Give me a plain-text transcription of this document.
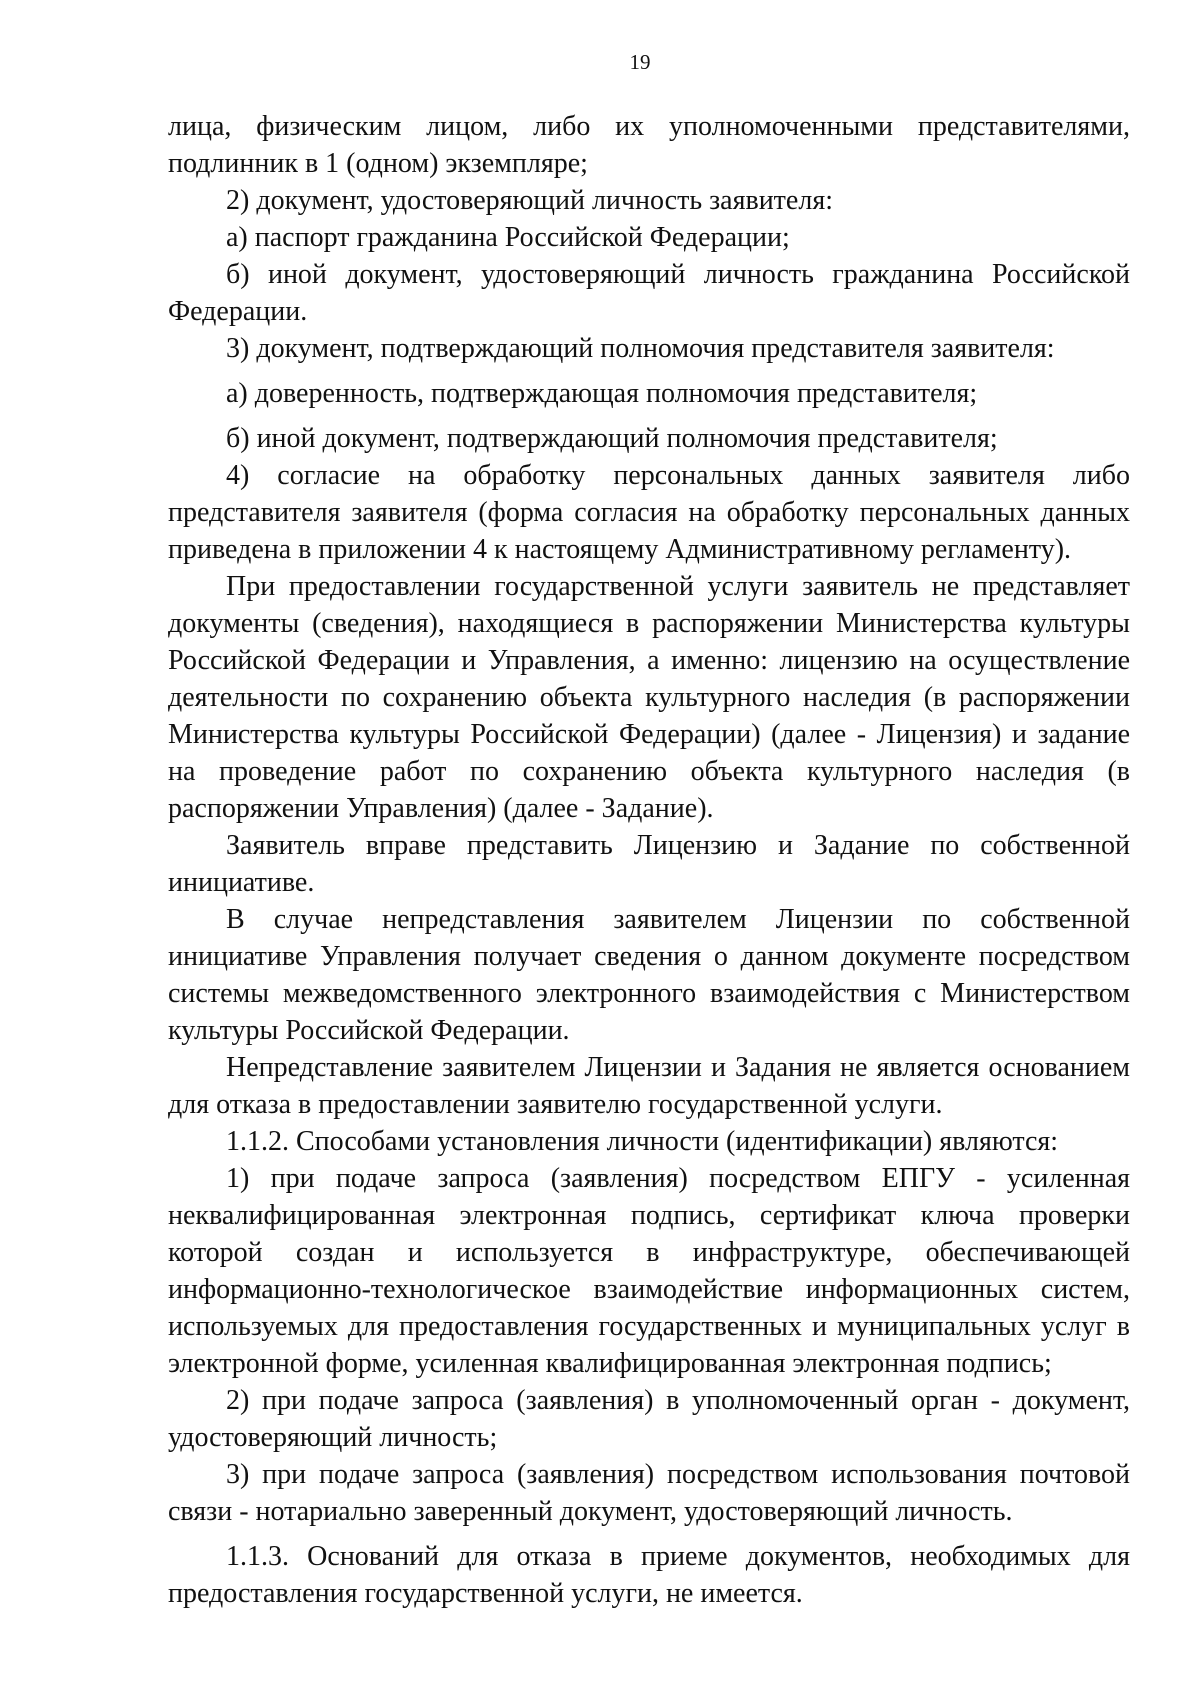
19

лица, физическим лицом, либо их уполномоченными представителями, подлинник в 1 (одном) экземпляре;

2) документ, удостоверяющий личность заявителя:

а) паспорт гражданина Российской Федерации;

б) иной документ, удостоверяющий личность гражданина Российской Федерации.

3) документ, подтверждающий полномочия представителя заявителя:

а) доверенность, подтверждающая полномочия представителя;

б) иной документ, подтверждающий полномочия представителя;

4) согласие на обработку персональных данных заявителя либо представителя заявителя (форма согласия на обработку персональных данных приведена в приложении 4 к настоящему Административному регламенту).

При предоставлении государственной услуги заявитель не представляет документы (сведения), находящиеся в распоряжении Министерства культуры Российской Федерации и Управления, а именно: лицензию на осуществление деятельности по сохранению объекта культурного наследия (в распоряжении Министерства культуры Российской Федерации) (далее - Лицензия) и задание на проведение работ по сохранению объекта культурного наследия (в распоряжении Управления) (далее - Задание).

Заявитель вправе представить Лицензию и Задание по собственной инициативе.

В случае непредставления заявителем Лицензии по собственной инициативе Управления получает сведения о данном документе посредством системы межведомственного электронного взаимодействия с Министерством культуры Российской Федерации.

Непредставление заявителем Лицензии и Задания не является основанием для отказа в предоставлении заявителю государственной услуги.

1.1.2. Способами установления личности (идентификации) являются:

1) при подаче запроса (заявления) посредством ЕПГУ - усиленная неквалифицированная электронная подпись, сертификат ключа проверки которой создан и используется в инфраструктуре, обеспечивающей информационно-технологическое взаимодействие информационных систем, используемых для предоставления государственных и муниципальных услуг в электронной форме, усиленная квалифицированная электронная подпись;

2) при подаче запроса (заявления) в уполномоченный орган - документ, удостоверяющий личность;

3) при подаче запроса (заявления) посредством использования почтовой связи - нотариально заверенный документ, удостоверяющий личность.

1.1.3. Оснований для отказа в приеме документов, необходимых для предоставления государственной услуги, не имеется.
